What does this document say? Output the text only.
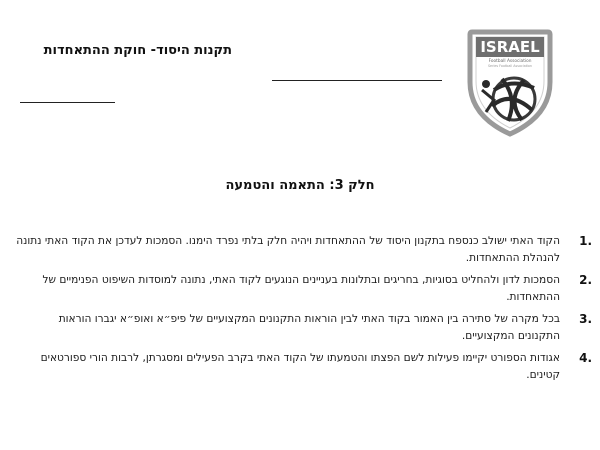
תקנות היסוד- חוקת ההתאחדות	ISRAEL
Football Association
Series Football Association
חלק 3: התאמה והטמעה
.1
הקוד האתי ישולב כנספח בתקנון היסוד של ההתאחדות ויהיה חלק בלתי נפרד הימנו. הסמכות לעדכן את הקוד האתי נתונה להנהלת ההתאחדות.
.2
הסמכות לדון ולהחליט בסוגיות, בחריגים ובתלונות בעניינים הנוגעים לקוד האתי, נתונה למוסדות השיפוט הפנימיים של ההתאחדות.
.3
בכל מקרה של סתירה בין האמור בקוד האתי לבין הוראות התקנונים המקצועיים של פיפ״א ואופ״א יגברו הוראות התקנונים המקצועיים.
.4
אגודות הספורט יקיימו פעילות לשם הפצתו והטמעתו של הקוד האתי בקרב הפעילים ומסגרתן, לרבות הורי ספורטאים קטינים.
